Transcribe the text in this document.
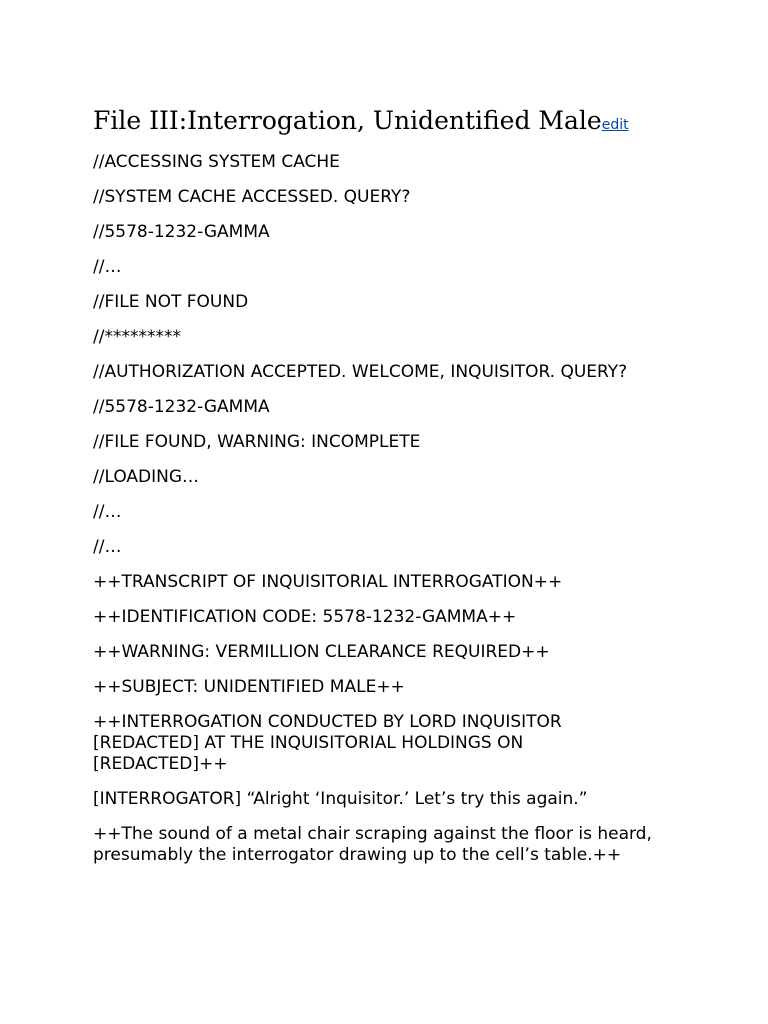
File III:Interrogation, Unidentified Maleedit

//ACCESSING SYSTEM CACHE

//SYSTEM CACHE ACCESSED. QUERY?

//5578-1232-GAMMA

//…

//FILE NOT FOUND

//*********

//AUTHORIZATION ACCEPTED. WELCOME, INQUISITOR. QUERY?

//5578-1232-GAMMA

//FILE FOUND, WARNING: INCOMPLETE

//LOADING…

//…

//…

++TRANSCRIPT OF INQUISITORIAL INTERROGATION++

++IDENTIFICATION CODE: 5578-1232-GAMMA++

++WARNING: VERMILLION CLEARANCE REQUIRED++

++SUBJECT: UNIDENTIFIED MALE++

++INTERROGATION CONDUCTED BY LORD INQUISITOR [REDACTED] AT THE INQUISITORIAL HOLDINGS ON [REDACTED]++

[INTERROGATOR] “Alright ‘Inquisitor.’ Let’s try this again.”

++The sound of a metal chair scraping against the floor is heard, presumably the interrogator drawing up to the cell’s table.++
